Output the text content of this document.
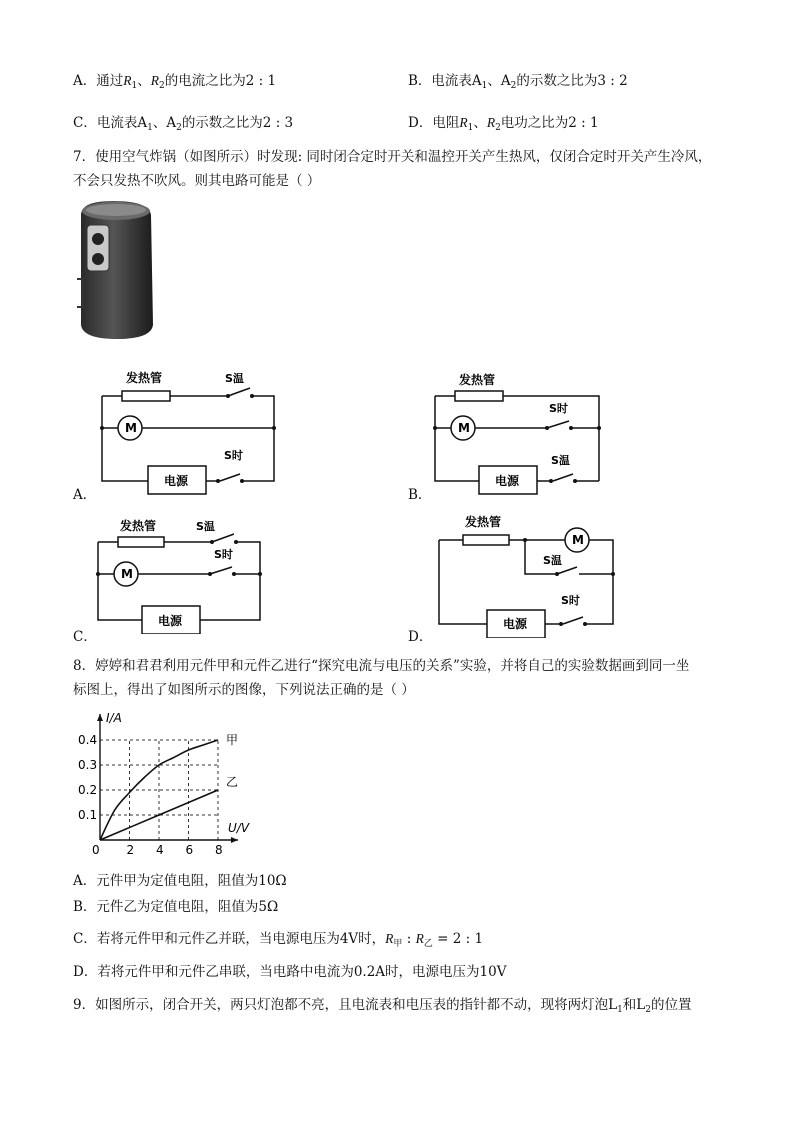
A．通过$R_1$、$R_2$的电流之比为2 : 1	B．电流表$A_1$、$A_2$的示数之比为3 : 2
C．电流表$A_1$、$A_2$的示数之比为2 : 3	D．电阻$R_1$、$R_2$电功之比为2 : 1
7．使用空气炸锅（如图所示）时发现: 同时闭合定时开关和温控开关产生热风，仅闭合定时开关产生冷风，
不会只发热不吹风。则其电路可能是（ ）
发热管	S温
M
S时
电源
A．
发热管
M
S时
S温
电源
B．
发热管	S温
M
S时
电源
C．
发热管
M
S温
S时
电源
D．
8．婷婷和君君利用元件甲和元件乙进行“探究电流与电压的关系”实验，并将自己的实验数据画到同一坐
标图上，得出了如图所示的图像，下列说法正确的是（ ）
0 2 4 6 8
0.1
0.2
0.3
0.4	甲
乙
I/A
U/V
A．元件甲为定值电阻，阻值为10Ω
B．元件乙为定值电阻，阻值为5Ω
C．若将元件甲和元件乙并联，当电源电压为4V时，$R_甲$ : $R_乙 = 2$ : 1
D．若将元件甲和元件乙串联，当电路中电流为0.2A时，电源电压为10V
9．如图所示，闭合开关，两只灯泡都不亮，且电流表和电压表的指针都不动，现将两灯泡$L_1$和$L_2$的位置
